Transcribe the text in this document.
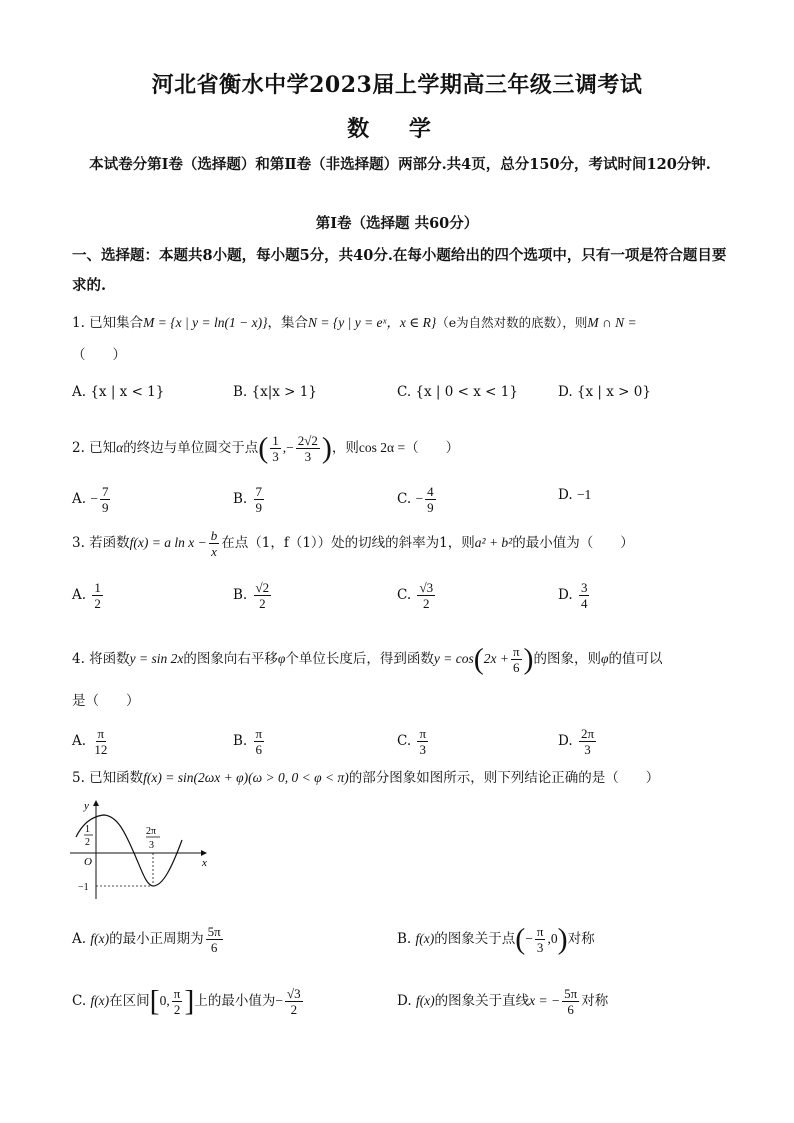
河北省衡水中学2023届上学期高三年级三调考试
数 学
本试卷分第Ⅰ卷（选择题）和第Ⅱ卷（非选择题）两部分.共4页，总分150分，考试时间120分钟.
第Ⅰ卷（选择题 共60分）
一、选择题：本题共8小题，每小题5分，共40分.在每小题给出的四个选项中，只有一项是符合题目要求的.
1. 已知集合M = {x | y = ln(1 − x)}，集合N = {y | y = eˣ，x ∈ R}（e为自然对数的底数），则M ∩ N =
（　　）
A. {x | x < 1}	B. {x|x > 1}	C. {x | 0 < x < 1}	D. {x | x > 0}
2. 已知α的终边与单位圆交于点( $\frac{1}{3}$ ,− $\frac{2√2}{3}$ )，则cos 2α =（　　）
A. − $\frac{7}{9}$	B. $\frac{7}{9}$	C. − $\frac{4}{9}$	D. −1
3. 若函数f(x) = a $\ln x - \frac{b}{x}$ 在点（1，f（1））处的切线的斜率为1，则a² + b²的最小值为（　　）
A. $\frac{1}{2}$	B. $\frac{√2}{2}$	C. $\frac{√3}{2}$	D. $\frac{3}{4}$
4. 将函数y = sin 2x的图象向右平移φ个单位长度后，得到函数$y = \cos(2x + \frac{\pi}{6}$ )的图象，则φ的值可以
是（　　）
A. $\frac{\pi}{12}$	B. $\frac{\pi}{6}$	C. $\frac{\pi}{3}$	D. $\frac{2\pi}{3}$
5. 已知函数f(x) = sin(2ωx + φ)(ω > 0, 0 < φ < π)的部分图象如图所示，则下列结论正确的是（　　）
y
x
O
1
2
2π
3
−1
A. f(x)的最小正周期为 $\frac{5\pi}{6}$	B. f(x)的图象关于点(− $\frac{\pi}{3} ,0$)对称
C. f(x)在区间[0, $\frac{\pi}{2}$ ]上的最小值为− $\frac{√3}{2}$	D. f(x)的图象关于直线x = − $\frac{5\pi}{6}$ 对称
